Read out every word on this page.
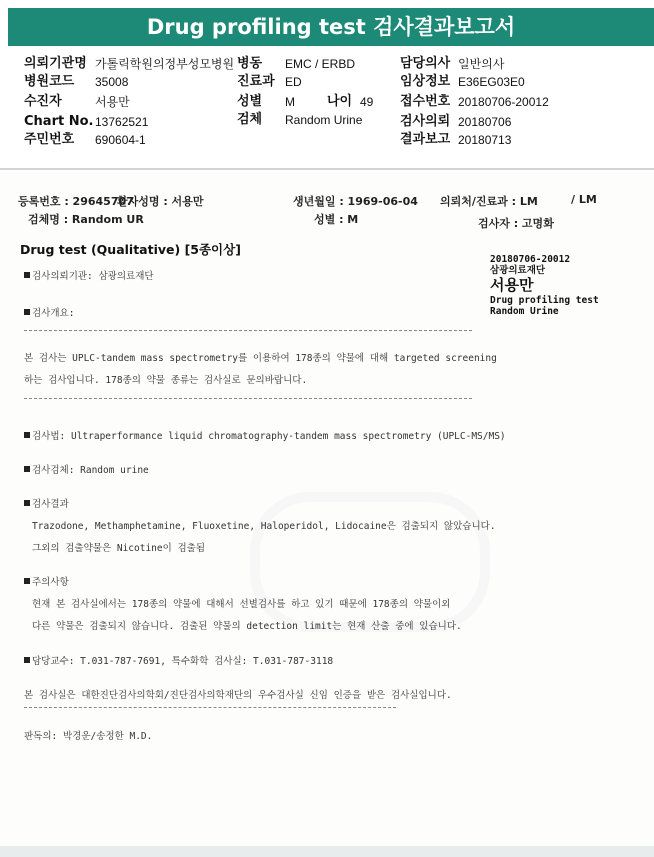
Drug profiling test 검사결과보고서
의뢰기관명 가톨릭학원의정부성모병원
병원코드 35008
수진자	서용만
Chart No. 13762521
주민번호 690604-1
병동 EMC / ERBD
진료과 ED
성별 M 나이 49
검체 Random Urine
담당의사 일반의사
임상정보 E36EG03E0
접수번호 20180706-20012
검사의뢰 20180706
결과보고 20180713
등록번호 : 29645707
환자성명 : 서용만	생년월일 : 1969-06-04 의뢰처/진료과 : LM	/ LM
검체명 : Random UR	성별 : M	검사자 : 고명화
Drug test (Qualitative) [5종이상]
20180706-20012
삼광의료재단
서용만
Drug profiling test
Random Urine
검사의뢰기관: 삼광의료재단
검사개요:
본 검사는 UPLC-tandem mass spectrometry를 이용하여 178종의 약물에 대해 targeted screening
하는 검사입니다. 178종의 약물 종류는 검사실로 문의바랍니다.
검사법: Ultraperformance liquid chromatography-tandem mass spectrometry (UPLC-MS/MS)
검사검체: Random urine
검사결과
Trazodone, Methamphetamine, Fluoxetine, Haloperidol, Lidocaine은 검출되지 않았습니다.
그외의 검출약물은 Nicotine이 검출됨
주의사항
현재 본 검사실에서는 178종의 약물에 대해서 선별검사를 하고 있기 때문에 178종의 약물이외
다른 약물은 검출되지 않습니다. 검출된 약물의 detection limit는 현재 산출 중에 있습니다.
담당교수: T.031-787-7691, 특수화학 검사실: T.031-787-3118
본 검사실은 대한진단검사의학회/진단검사의학재단의 우수검사실 신임 인증을 받은 검사실입니다.
판독의: 박경운/송정한 M.D.
